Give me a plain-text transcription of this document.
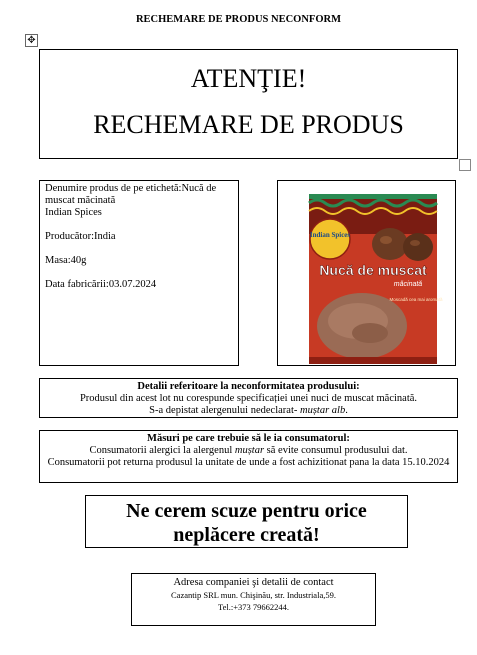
RECHEMARE DE PRODUS NECONFORM
✥
ATENŢIE!
RECHEMARE DE PRODUS

Denumire produs de pe etichetă:Nucă de muscat măcinată

Indian Spices

Producător:India

Masa:40g

Data fabricării:03.07.2024

Indian Spices
Nucă de muscat
măcinată
Moscadă cea mai aromată
Detalii referitoare la neconformitatea produsului:
Produsul din acest lot nu corespunde specificației unei nuci de muscat măcinată.
S-a depistat alergenului nedeclarat- muștar alb.
Măsuri pe care trebuie să le ia consumatorul:
Consumatorii alergici la alergenul muștar să evite consumul produsului dat.
Consumatorii pot returna produsul la unitate de unde a fost achizitionat pana la data 15.10.2024
Ne cerem scuze pentru orice
neplăcere creată!
Adresa companiei şi detalii de contact
Cazantip SRL mun. Chişinău, str. Industriala,59.
Tel.:+373 79662244.
